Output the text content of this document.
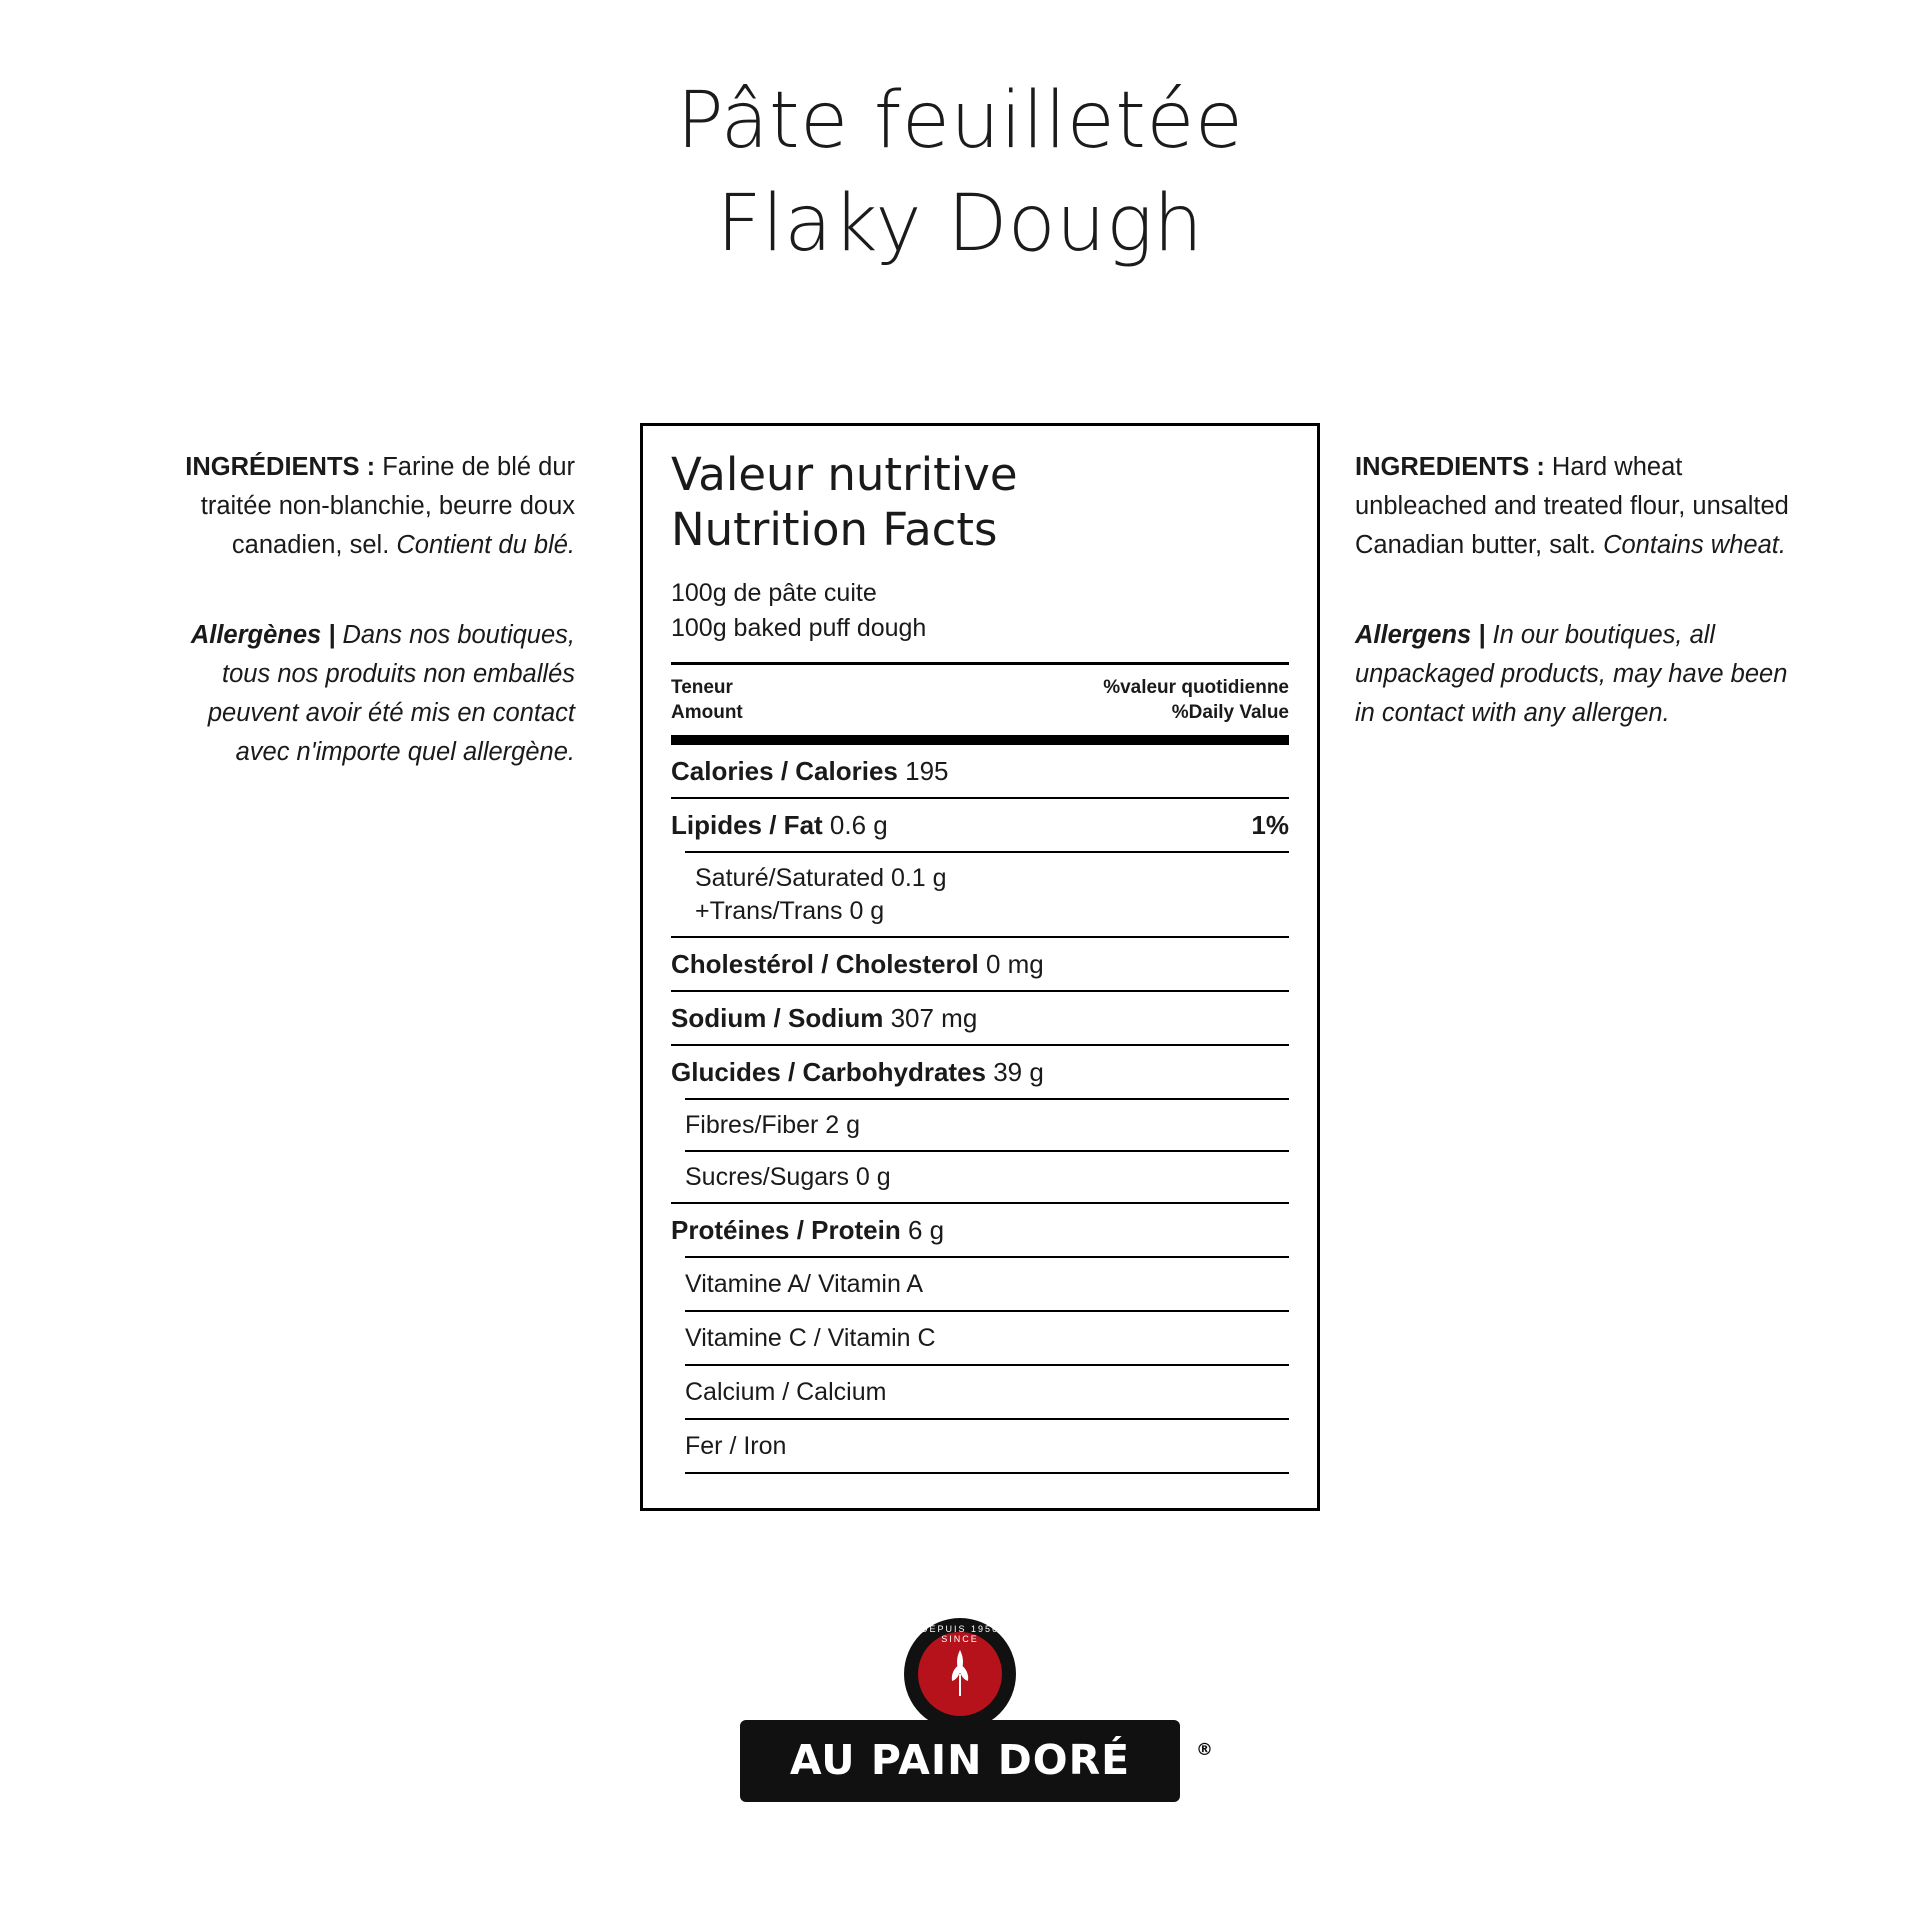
Pâte feuilletée
Flaky Dough
INGRÉDIENTS : Farine de blé dur traitée non-blanchie, beurre doux canadien, sel. Contient du blé.
Allergènes | Dans nos boutiques, tous nos produits non emballés peuvent avoir été mis en contact avec n'importe quel allergène.
INGREDIENTS : Hard wheat unbleached and treated flour, unsalted Canadian butter, salt. Contains wheat.
Allergens | In our boutiques, all unpackaged products, may have been in contact with any allergen.
Valeur nutritive
Nutrition Facts
100g de pâte cuite
100g baked puff dough
Teneur
Amount
%valeur quotidienne
%Daily Value
Calories / Calories 195
Lipides / Fat 0.6 g	1%
Saturé/Saturated 0.1 g
+Trans/Trans 0 g
Cholestérol / Cholesterol 0 mg
Sodium / Sodium 307 mg
Glucides / Carbohydrates 39 g
Fibres/Fiber 2 g
Sucres/Sugars 0 g
Protéines / Protein 6 g
Vitamine A/ Vitamin A
Vitamine C / Vitamin C
Calcium / Calcium
Fer / Iron
DEPUIS 1956 SINCE
AU PAIN DORÉ	®
